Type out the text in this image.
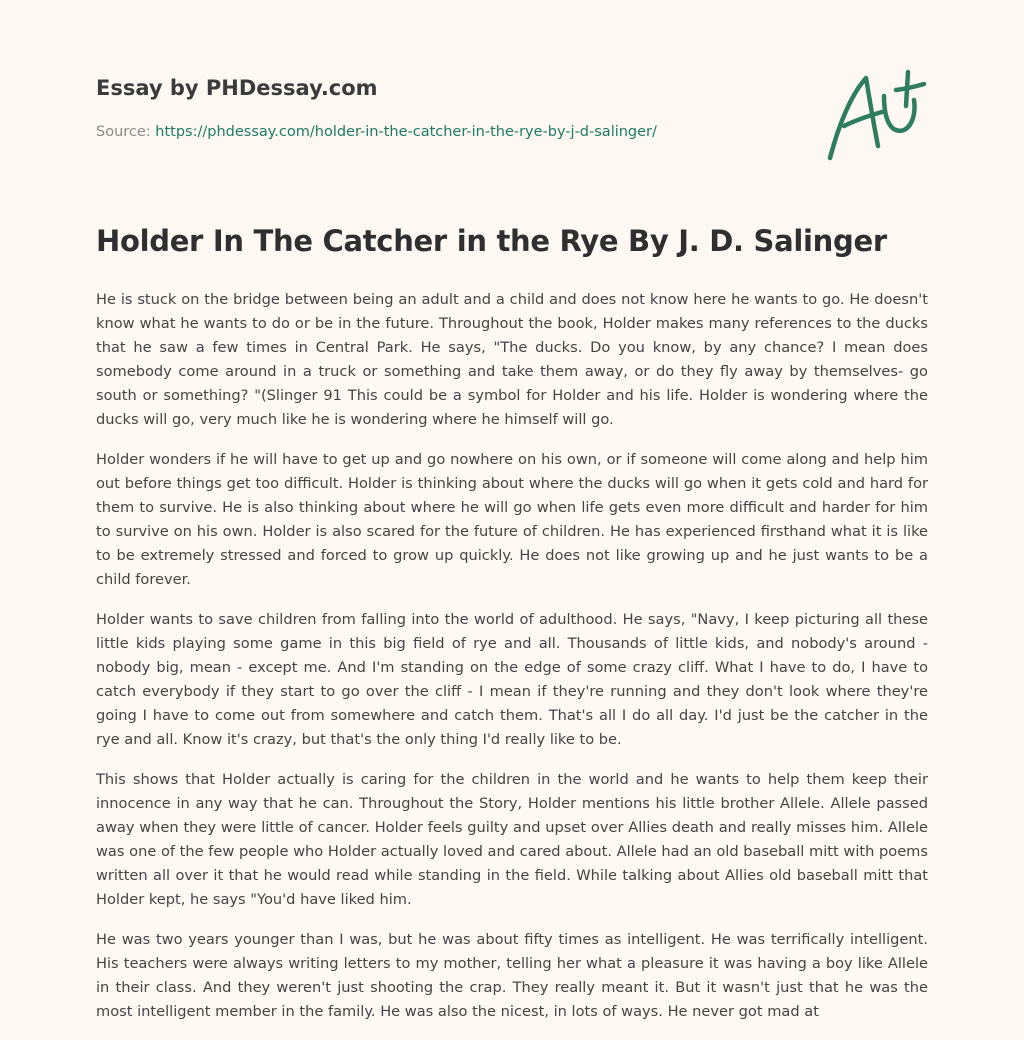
Essay by PHDessay.com

Source: https://phdessay.com/holder-in-the-catcher-in-the-rye-by-j-d-salinger/

Holder In The Catcher in the Rye By J. D. Salinger

He is stuck on the bridge between being an adult and a child and does not know here he wants to go. He doesn't know what he wants to do or be in the future. Throughout the book, Holder makes many references to the ducks that he saw a few times in Central Park. He says, "The ducks. Do you know, by any chance? I mean does somebody come around in a truck or something and take them away, or do they fly away by themselves- go south or something? "(Slinger 91 This could be a symbol for Holder and his life. Holder is wondering where the ducks will go, very much like he is wondering where he himself will go.

Holder wonders if he will have to get up and go nowhere on his own, or if someone will come along and help him out before things get too difficult. Holder is thinking about where the ducks will go when it gets cold and hard for them to survive. He is also thinking about where he will go when life gets even more difficult and harder for him to survive on his own. Holder is also scared for the future of children. He has experienced firsthand what it is like to be extremely stressed and forced to grow up quickly. He does not like growing up and he just wants to be a child forever.

Holder wants to save children from falling into the world of adulthood. He says, "Navy, I keep picturing all these little kids playing some game in this big field of rye and all. Thousands of little kids, and nobody's around - nobody big, mean - except me. And I'm standing on the edge of some crazy cliff. What I have to do, I have to catch everybody if they start to go over the cliff - I mean if they're running and they don't look where they're going I have to come out from somewhere and catch them. That's all I do all day. I'd just be the catcher in the rye and all. Know it's crazy, but that's the only thing I'd really like to be.

This shows that Holder actually is caring for the children in the world and he wants to help them keep their innocence in any way that he can. Throughout the Story, Holder mentions his little brother Allele. Allele passed away when they were little of cancer. Holder feels guilty and upset over Allies death and really misses him. Allele was one of the few people who Holder actually loved and cared about. Allele had an old baseball mitt with poems written all over it that he would read while standing in the field. While talking about Allies old baseball mitt that Holder kept, he says "You'd have liked him.

He was two years younger than I was, but he was about fifty times as intelligent. He was terrifically intelligent. His teachers were always writing letters to my mother, telling her what a pleasure it was having a boy like Allele in their class. And they weren't just shooting the crap. They really meant it. But it wasn't just that he was the most intelligent member in the family. He was also the nicest, in lots of ways. He never got mad at
